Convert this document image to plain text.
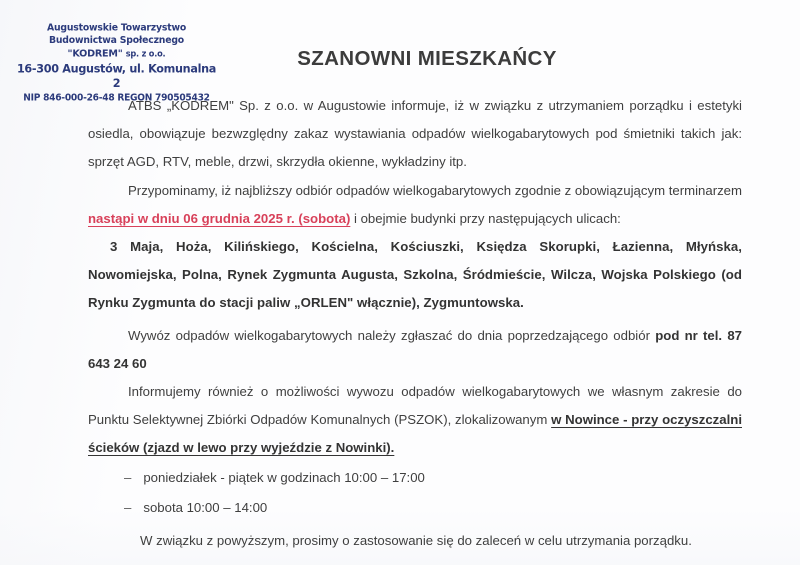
Augustowskie Towarzystwo Budownictwa Społecznego
"KODREM" sp. z o.o.
16-300 Augustów, ul. Komunalna 2
NIP 846-000-26-48 REGON 790505432
SZANOWNI MIESZKAŃCY

ATBS „KODREM" Sp. z o.o. w Augustowie informuje, iż w związku z utrzymaniem porządku i estetyki osiedla, obowiązuje bezwzględny zakaz wystawiania odpadów wielkogabarytowych pod śmietniki takich jak: sprzęt AGD, RTV, meble, drzwi, skrzydła okienne, wykładziny itp.

Przypominamy, iż najbliższy odbiór odpadów wielkogabarytowych zgodnie z obowiązującym terminarzem nastąpi w dniu 06 grudnia 2025 r. (sobota) i obejmie budynki przy następujących ulicach:

3 Maja, Hoża, Kilińskiego, Kościelna, Kościuszki, Księdza Skorupki, Łazienna, Młyńska, Nowomiejska, Polna, Rynek Zygmunta Augusta, Szkolna, Śródmieście, Wilcza, Wojska Polskiego (od Rynku Zygmunta do stacji paliw „ORLEN" włącznie), Zygmuntowska.

Wywóz odpadów wielkogabarytowych należy zgłaszać do dnia poprzedzającego odbiór pod nr tel. 87 643 24 60

Informujemy również o możliwości wywozu odpadów wielkogabarytowych we własnym zakresie do Punktu Selektywnej Zbiórki Odpadów Komunalnych (PSZOK), zlokalizowanym w Nowince - przy oczyszczalni ścieków (zjazd w lewo przy wyjeździe z Nowinki).

– poniedziałek - piątek w godzinach 10:00 – 17:00
– sobota 10:00 – 14:00

W związku z powyższym, prosimy o zastosowanie się do zaleceń w celu utrzymania porządku.
